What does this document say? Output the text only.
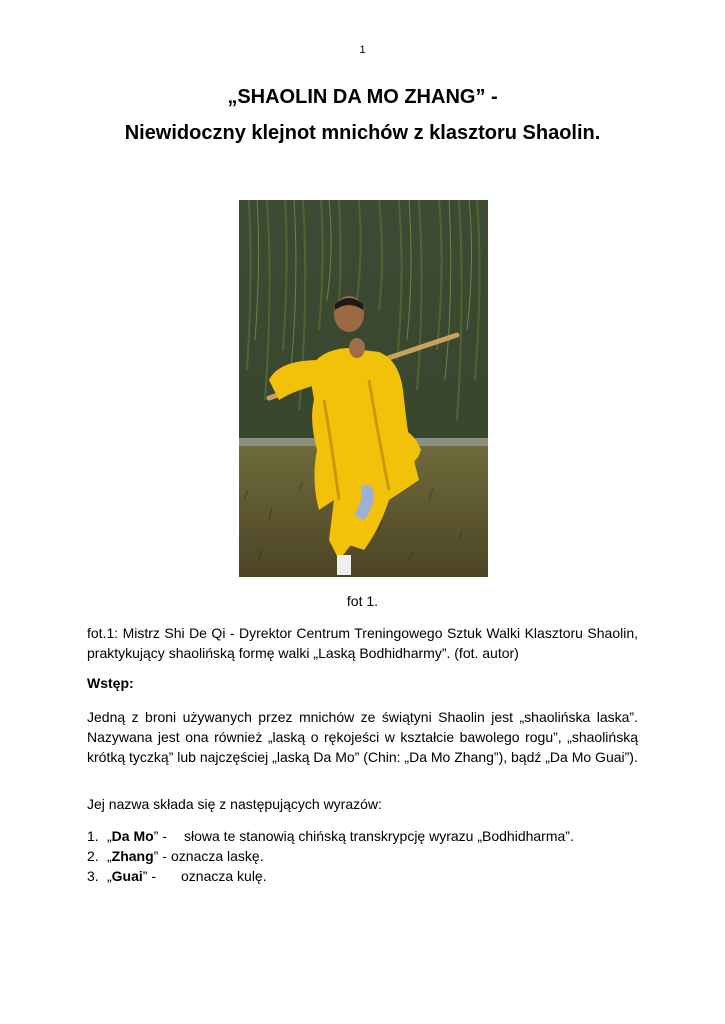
1
„SHAOLIN DA MO ZHANG” -
Niewidoczny klejnot mnichów z klasztoru Shaolin.
fot 1.
fot.1: Mistrz Shi De Qi - Dyrektor Centrum Treningowego Sztuk Walki Klasztoru Shaolin, praktykujący shaolińską formę walki „Laską Bodhidharmy”. (fot. autor)
Wstęp:
Jedną z broni używanych przez mnichów ze świątyni Shaolin jest „shaolińska laska”. Nazywana jest ona również „laską o rękojeści w kształcie bawolego rogu”, „shaolińską krótką tyczką” lub najczęściej „laską Da Mo” (Chin: „Da Mo Zhang”), bądź „Da Mo Guai”).
Jej nazwa składa się z następujących wyrazów:
1. „Da Mo” - słowa te stanowią chińską transkrypcję wyrazu „Bodhidharma”.
2. „Zhang” - oznacza laskę.
3. „Guai” - oznacza kulę.
